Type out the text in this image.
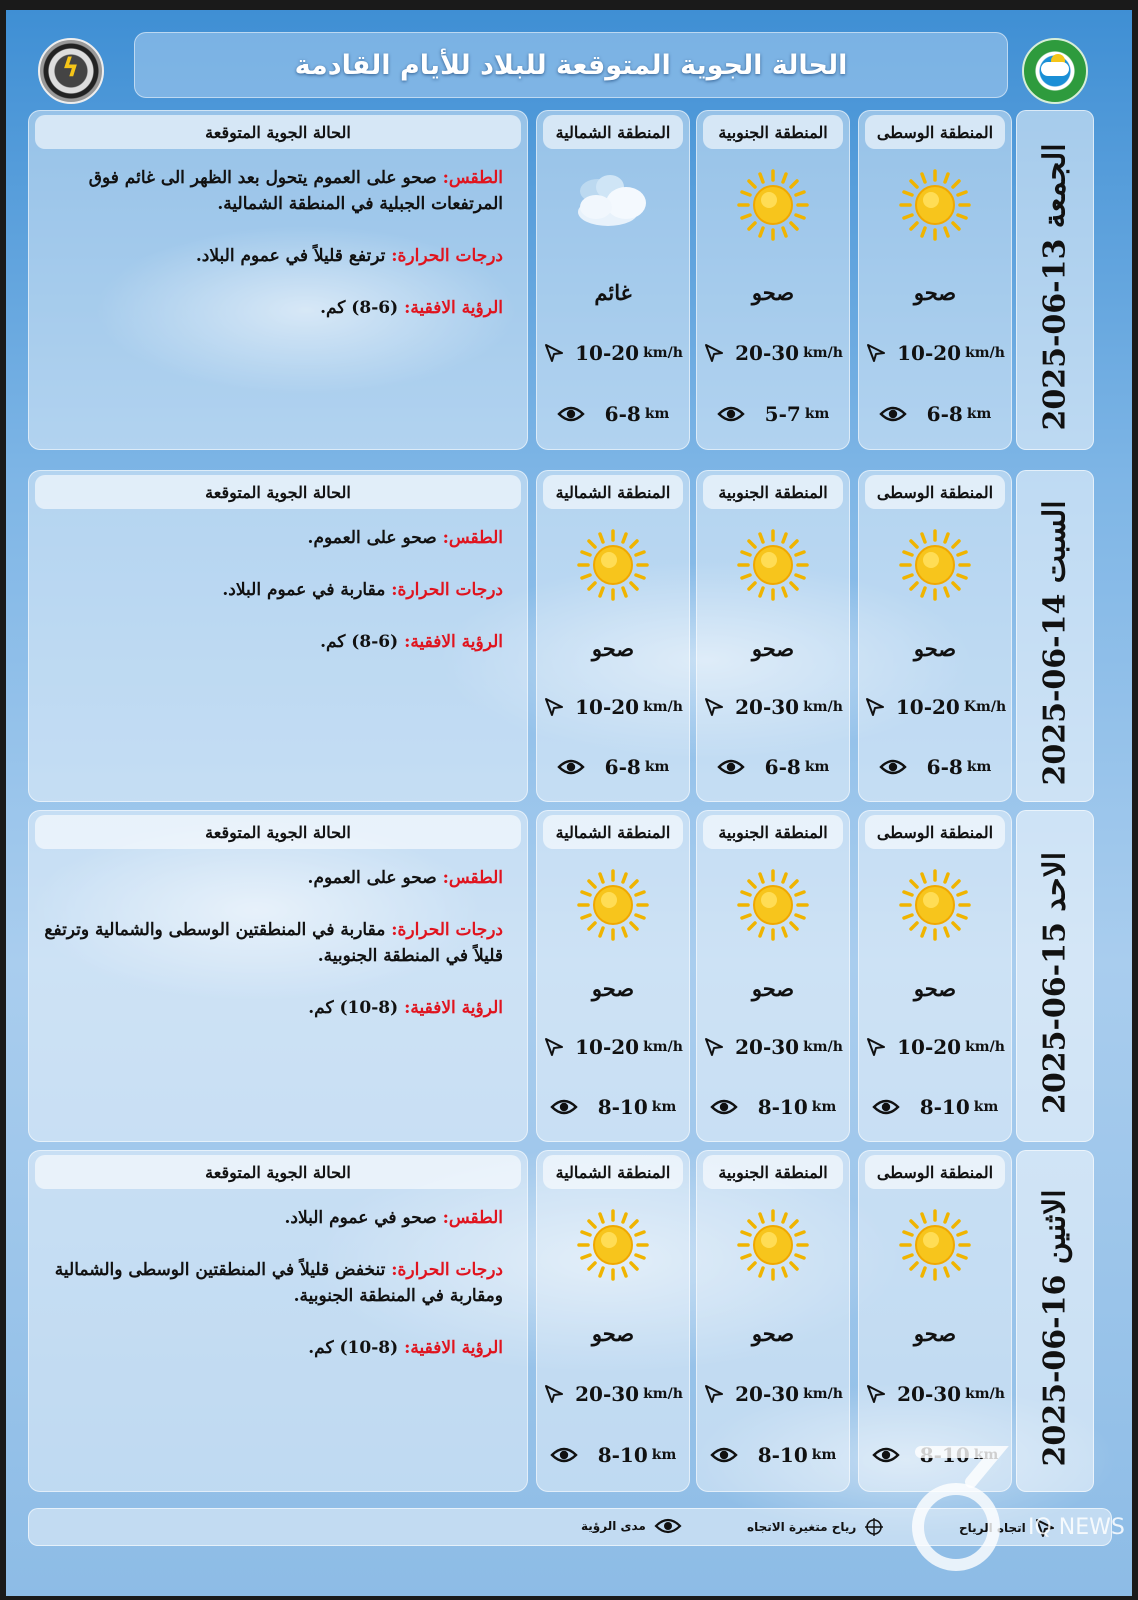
ϟ	الحالة الجوية المتوقعة للبلاد للأيام القادمة
الحالة الجوية المتوقعة

الطقس: صحو على العموم يتحول بعد الظهر الى غائم فوق المرتفعات الجبلية في المنطقة الشمالية.

درجات الحرارة: ترتفع قليلاً في عموم البلاد.

الرؤية الافقية: (6-8) كم.

المنطقة الوسطى
صحو
10-20 km/h
6-8 km
المنطقة الجنوبية
صحو
20-30 km/h
5-7 km
المنطقة الشمالية
غائم
10-20 km/h
6-8 km	2025-06-13 الجمعة
الحالة الجوية المتوقعة

الطقس: صحو على العموم.

درجات الحرارة: مقاربة في عموم البلاد.

الرؤية الافقية: (6-8) كم.

المنطقة الوسطى
صحو
10-20 Km/h
6-8 km
المنطقة الجنوبية
صحو
20-30 km/h
6-8 km
المنطقة الشمالية
صحو
10-20 km/h
6-8 km	2025-06-14 السبت
الحالة الجوية المتوقعة

الطقس: صحو على العموم.

درجات الحرارة: مقاربة في المنطقتين الوسطى والشمالية وترتفع قليلاً في المنطقة الجنوبية.

الرؤية الافقية: (8-10) كم.

المنطقة الوسطى
صحو
10-20 km/h
8-10 km
المنطقة الجنوبية
صحو
20-30 km/h
8-10 km
المنطقة الشمالية
صحو
10-20 km/h
8-10 km	2025-06-15 الاحد
الحالة الجوية المتوقعة

الطقس: صحو في عموم البلاد.

درجات الحرارة: تنخفض قليلاً في المنطقتين الوسطى والشمالية ومقاربة في المنطقة الجنوبية.

الرؤية الافقية: (8-10) كم.

المنطقة الوسطى
صحو
20-30 km/h
8-10 km
المنطقة الجنوبية
صحو
20-30 km/h
8-10 km
المنطقة الشمالية
صحو
20-30 km/h
8-10 km	2025-06-16 الاثنين
مدى الرؤية	رياح متغيرة الاتجاه	اتجاه الرياح IQ NEWS
